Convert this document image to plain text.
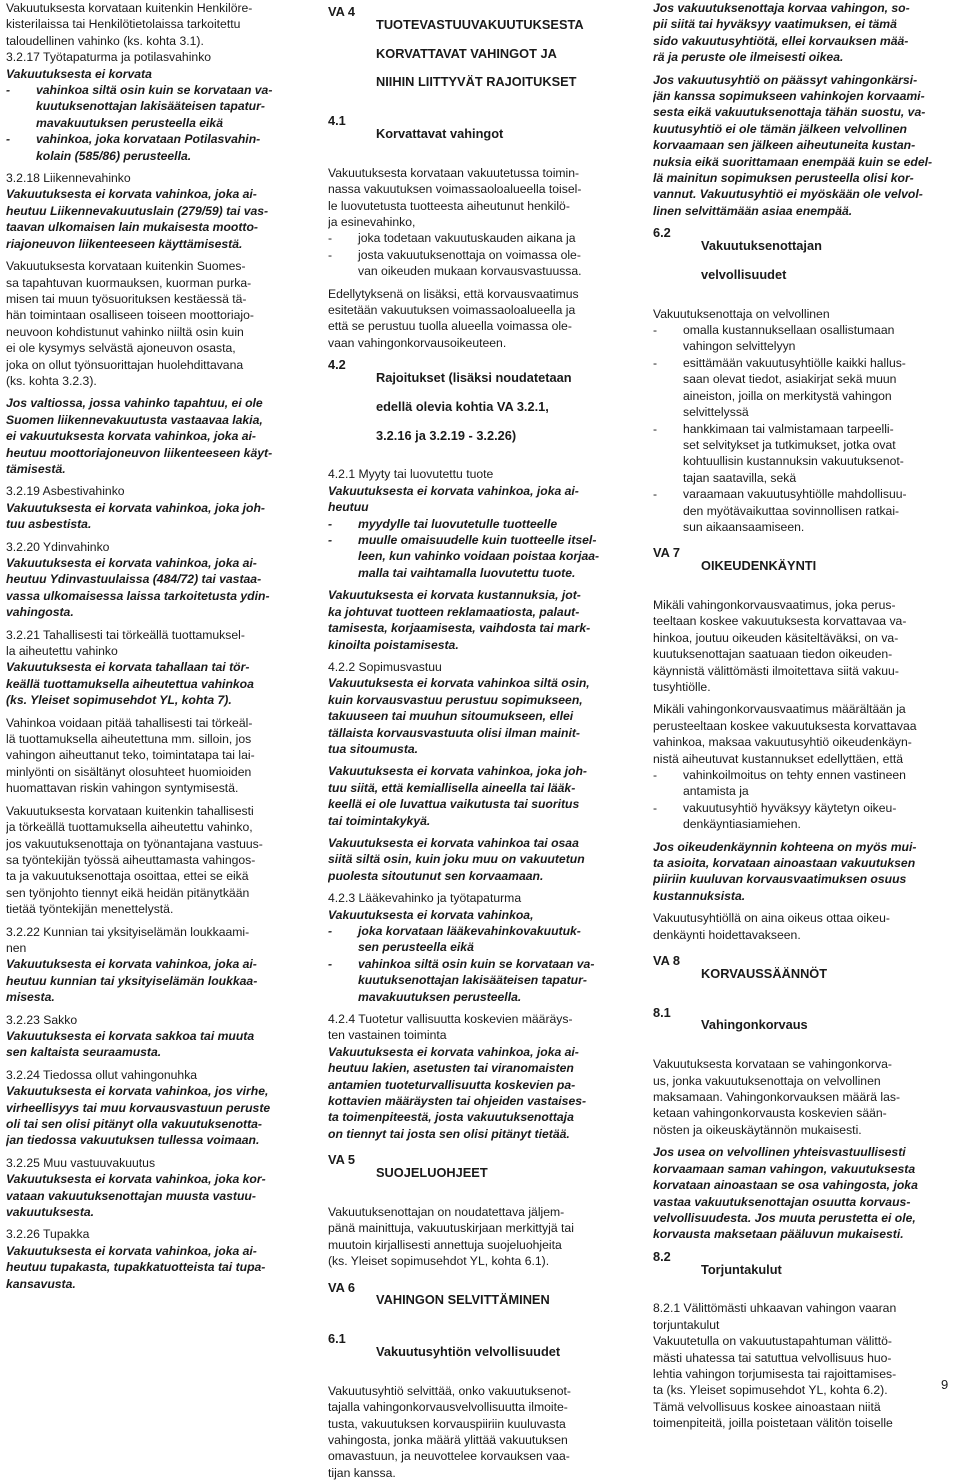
Vakuutuksesta korvataan kuitenkin Henkilöre-

kisterilaissa tai Henkilötietolaissa tarkoitettu

taloudellinen vahinko (ks. kohta 3.1).

3.2.17 Työtapaturma ja potilasvahinko

Vakuutuksesta ei korvata

- vahinkoa siltä osin kuin se korvataan va-

kuutuksenottajan lakisääteisen tapatur-

mavakuutuksen perusteella eikä

- vahinkoa, joka korvataan Potilasvahin-

kolain (585/86) perusteella.

3.2.18 Liikennevahinko

Vakuutuksesta ei korvata vahinkoa, joka ai-

heutuu Liikennevakuutuslain (279/59) tai vas-

taavan ulkomaisen lain mukaisesta mootto-

riajoneuvon liikenteeseen käyttämisestä.

Vakuutuksesta korvataan kuitenkin Suomes-

sa tapahtuvan kuormauksen, kuorman purka-

misen tai muun työsuorituksen kestäessä tä-

hän toimintaan osalliseen toiseen moottoriajo-

neuvoon kohdistunut vahinko niiltä osin kuin

ei ole kysymys selvästä ajoneuvon osasta,

joka on ollut työnsuorittajan huolehdittavana

(ks. kohta 3.2.3).

Jos valtiossa, jossa vahinko tapahtuu, ei ole

Suomen liikennevakuutusta vastaavaa lakia,

ei vakuutuksesta korvata vahinkoa, joka ai-

heutuu moottoriajoneuvon liikenteeseen käyt-

tämisestä.

3.2.19 Asbestivahinko

Vakuutuksesta ei korvata vahinkoa, joka joh-

tuu asbestista.

3.2.20 Ydinvahinko

Vakuutuksesta ei korvata vahinkoa, joka ai-

heutuu Ydinvastuulaissa (484/72) tai vastaa-

vassa ulkomaisessa laissa tarkoitetusta ydin-

vahingosta.

3.2.21 Tahallisesti tai törkeällä tuottamuksel-

la aiheutettu vahinko

Vakuutuksesta ei korvata tahallaan tai tör-

keällä tuottamuksella aiheutettua vahinkoa

(ks. Yleiset sopimusehdot YL, kohta 7).

Vahinkoa voidaan pitää tahallisesti tai törkeäl-

lä tuottamuksella aiheutettuna mm. silloin, jos

vahingon aiheuttanut teko, toimintatapa tai lai-

minlyönti on sisältänyt olosuhteet huomioiden

huomattavan riskin vahingon syntymisestä.

Vakuutuksesta korvataan kuitenkin tahallisesti

ja törkeällä tuottamuksella aiheutettu vahinko,

jos vakuutuksenottaja on työnantajana vastuus-

sa työntekijän työssä aiheuttamasta vahingos-

ta ja vakuutuksenottaja osoittaa, ettei se eikä

sen työnjohto tiennyt eikä heidän pitänytkään

tietää työntekijän menettelystä.

3.2.22 Kunnian tai yksityiselämän loukkaami-

nen

Vakuutuksesta ei korvata vahinkoa, joka ai-

heutuu kunnian tai yksityiselämän loukkaa-

misesta.

3.2.23 Sakko

Vakuutuksesta ei korvata sakkoa tai muuta

sen kaltaista seuraamusta.

3.2.24 Tiedossa ollut vahingonuhka

Vakuutuksesta ei korvata vahinkoa, jos virhe,

virheellisyys tai muu korvausvastuun peruste

oli tai sen olisi pitänyt olla vakuutuksenotta-

jan tiedossa vakuutuksen tullessa voimaan.

3.2.25 Muu vastuuvakuutus

Vakuutuksesta ei korvata vahinkoa, joka kor-

vataan vakuutuksenottajan muusta vastuu-

vakuutuksesta.

3.2.26 Tupakka

Vakuutuksesta ei korvata vahinkoa, joka ai-

heutuu tupakasta, tupakkatuotteista tai tupa-

kansavusta.

VA 4

TUOTEVASTUUVAKUUTUKSESTA

KORVATTAVAT VAHINGOT JA

NIIHIN LIITTYVÄT RAJOITUKSET

4.1

Korvattavat vahingot

Vakuutuksesta korvataan vakuutetussa toimin-

nassa vakuutuksen voimassaoloalueella toisel-

le luovutetusta tuotteesta aiheutunut henkilö-

ja esinevahinko,

- joka todetaan vakuutuskauden aikana ja

- josta vakuutuksenottaja on voimassa ole-

van oikeuden mukaan korvausvastuussa.

Edellytyksenä on lisäksi, että korvausvaatimus

esitetään vakuutuksen voimassaoloalueella ja

että se perustuu tuolla alueella voimassa ole-

vaan vahingonkorvausoikeuteen.

4.2

Rajoitukset (lisäksi noudatetaan

edellä olevia kohtia VA 3.2.1,

3.2.16 ja 3.2.19 - 3.2.26)

4.2.1 Myyty tai luovutettu tuote

Vakuutuksesta ei korvata vahinkoa, joka ai-

heutuu

- myydylle tai luovutetulle tuotteelle

- muulle omaisuudelle kuin tuotteelle itsel-

leen, kun vahinko voidaan poistaa korjaa-

malla tai vaihtamalla luovutettu tuote.

Vakuutuksesta ei korvata kustannuksia, jot-

ka johtuvat tuotteen reklamaatiosta, palaut-

tamisesta, korjaamisesta, vaihdosta tai mark-

kinoilta poistamisesta.

4.2.2 Sopimusvastuu

Vakuutuksesta ei korvata vahinkoa siltä osin,

kuin korvausvastuu perustuu sopimukseen,

takuuseen tai muuhun sitoumukseen, ellei

tällaista korvausvastuuta olisi ilman mainit-

tua sitoumusta.

Vakuutuksesta ei korvata vahinkoa, joka joh-

tuu siitä, että kemiallisella aineella tai lääk-

keellä ei ole luvattua vaikutusta tai suoritus

tai toimintakykyä.

Vakuutuksesta ei korvata vahinkoa tai osaa

siitä siltä osin, kuin joku muu on vakuutetun

puolesta sitoutunut sen korvaamaan.

4.2.3 Lääkevahinko ja työtapaturma

Vakuutuksesta ei korvata vahinkoa,

- joka korvataan lääkevahinkovakuutuk-

sen perusteella eikä

- vahinkoa siltä osin kuin se korvataan va-

kuutuksenottajan lakisääteisen tapatur-

mavakuutuksen perusteella.

4.2.4 Tuotetur vallisuutta koskevien määräys-

ten vastainen toiminta

Vakuutuksesta ei korvata vahinkoa, joka ai-

heutuu lakien, asetusten tai viranomaisten

antamien tuoteturvallisuutta koskevien pa-

kottavien määräysten tai ohjeiden vastaises-

ta toimenpiteestä, josta vakuutuksenottaja

on tiennyt tai josta sen olisi pitänyt tietää.

VA 5

SUOJELUOHJEET

Vakuutuksenottajan on noudatettava jäljem-

pänä mainittuja, vakuutuskirjaan merkittyjä tai

muutoin kirjallisesti annettuja suojeluohjeita

(ks. Yleiset sopimusehdot YL, kohta 6.1).

VA 6

VAHINGON SELVITTÄMINEN

6.1

Vakuutusyhtiön velvollisuudet

Vakuutusyhtiö selvittää, onko vakuutuksenot-

tajalla vahingonkorvausvelvollisuutta ilmoite-

tusta, vakuutuksen korvauspiiriin kuuluvasta

vahingosta, jonka määrä ylittää vakuutuksen

omavastuun, ja neuvottelee korvauksen vaa-

tijan kanssa.

Jos vakuutuksenottaja korvaa vahingon, so-

pii siitä tai hyväksyy vaatimuksen, ei tämä

sido vakuutusyhtiötä, ellei korvauksen mää-

rä ja peruste ole ilmeisesti oikea.

Jos vakuutusyhtiö on päässyt vahingonkärsi-

jän kanssa sopimukseen vahinkojen korvaami-

sesta eikä vakuutuksenottaja tähän suostu, va-

kuutusyhtiö ei ole tämän jälkeen velvollinen

korvaamaan sen jälkeen aiheutuneita kustan-

nuksia eikä suorittamaan enempää kuin se edel-

lä mainitun sopimuksen perusteella olisi kor-

vannut. Vakuutusyhtiö ei myöskään ole velvol-

linen selvittämään asiaa enempää.

6.2

Vakuutuksenottajan

velvollisuudet

Vakuutuksenottaja on velvollinen

- omalla kustannuksellaan osallistumaan

vahingon selvittelyyn

- esittämään vakuutusyhtiölle kaikki hallus-

saan olevat tiedot, asiakirjat sekä muun

aineiston, joilla on merkitystä vahingon

selvittelyssä

- hankkimaan tai valmistamaan tarpeelli-

set selvitykset ja tutkimukset, jotka ovat

kohtuullisin kustannuksin vakuutuksenot-

tajan saatavilla, sekä

- varaamaan vakuutusyhtiölle mahdollisuu-

den myötävaikuttaa sovinnollisen ratkai-

sun aikaansaamiseen.

VA 7

OIKEUDENKÄYNTI

Mikäli vahingonkorvausvaatimus, joka perus-

teeltaan koskee vakuutuksesta korvattavaa va-

hinkoa, joutuu oikeuden käsiteltäväksi, on va-

kuutuksenottajan saatuaan tiedon oikeuden-

käynnistä välittömästi ilmoitettava siitä vakuu-

tusyhtiölle.

Mikäli vahingonkorvausvaatimus määrältään ja

perusteeltaan koskee vakuutuksesta korvattavaa

vahinkoa, maksaa vakuutusyhtiö oikeudenkäyn-

nistä aiheutuvat kustannukset edellyttäen, että

- vahinkoilmoitus on tehty ennen vastineen

antamista ja

- vakuutusyhtiö hyväksyy käytetyn oikeu-

denkäyntiasiamiehen.

Jos oikeudenkäynnin kohteena on myös mui-

ta asioita, korvataan ainoastaan vakuutuksen

piiriin kuuluvan korvausvaatimuksen osuus

kustannuksista.

Vakuutusyhtiöllä on aina oikeus ottaa oikeu-

denkäynti hoidettavakseen.

VA 8

KORVAUSSÄÄNNÖT

8.1

Vahingonkorvaus

Vakuutuksesta korvataan se vahingonkorva-

us, jonka vakuutuksenottaja on velvollinen

maksamaan. Vahingonkorvauksen määrä las-

ketaan vahingonkorvausta koskevien sään-

nösten ja oikeuskäytännön mukaisesti.

Jos usea on velvollinen yhteisvastuullisesti

korvaamaan saman vahingon, vakuutuksesta

korvataan ainoastaan se osa vahingosta, joka

vastaa vakuutuksenottajan osuutta korvaus-

velvollisuudesta. Jos muuta perustetta ei ole,

korvausta maksetaan pääluvun mukaisesti.

8.2

Torjuntakulut

8.2.1 Välittömästi uhkaavan vahingon vaaran

torjuntakulut

Vakuutetulla on vakuutustapahtuman välittö-

mästi uhatessa tai satuttua velvollisuus huo-

lehtia vahingon torjumisesta tai rajoittamises-

ta (ks. Yleiset sopimusehdot YL, kohta 6.2).

Tämä velvollisuus koskee ainoastaan niitä

toimenpiteitä, joilla poistetaan välitön toiselle

9
